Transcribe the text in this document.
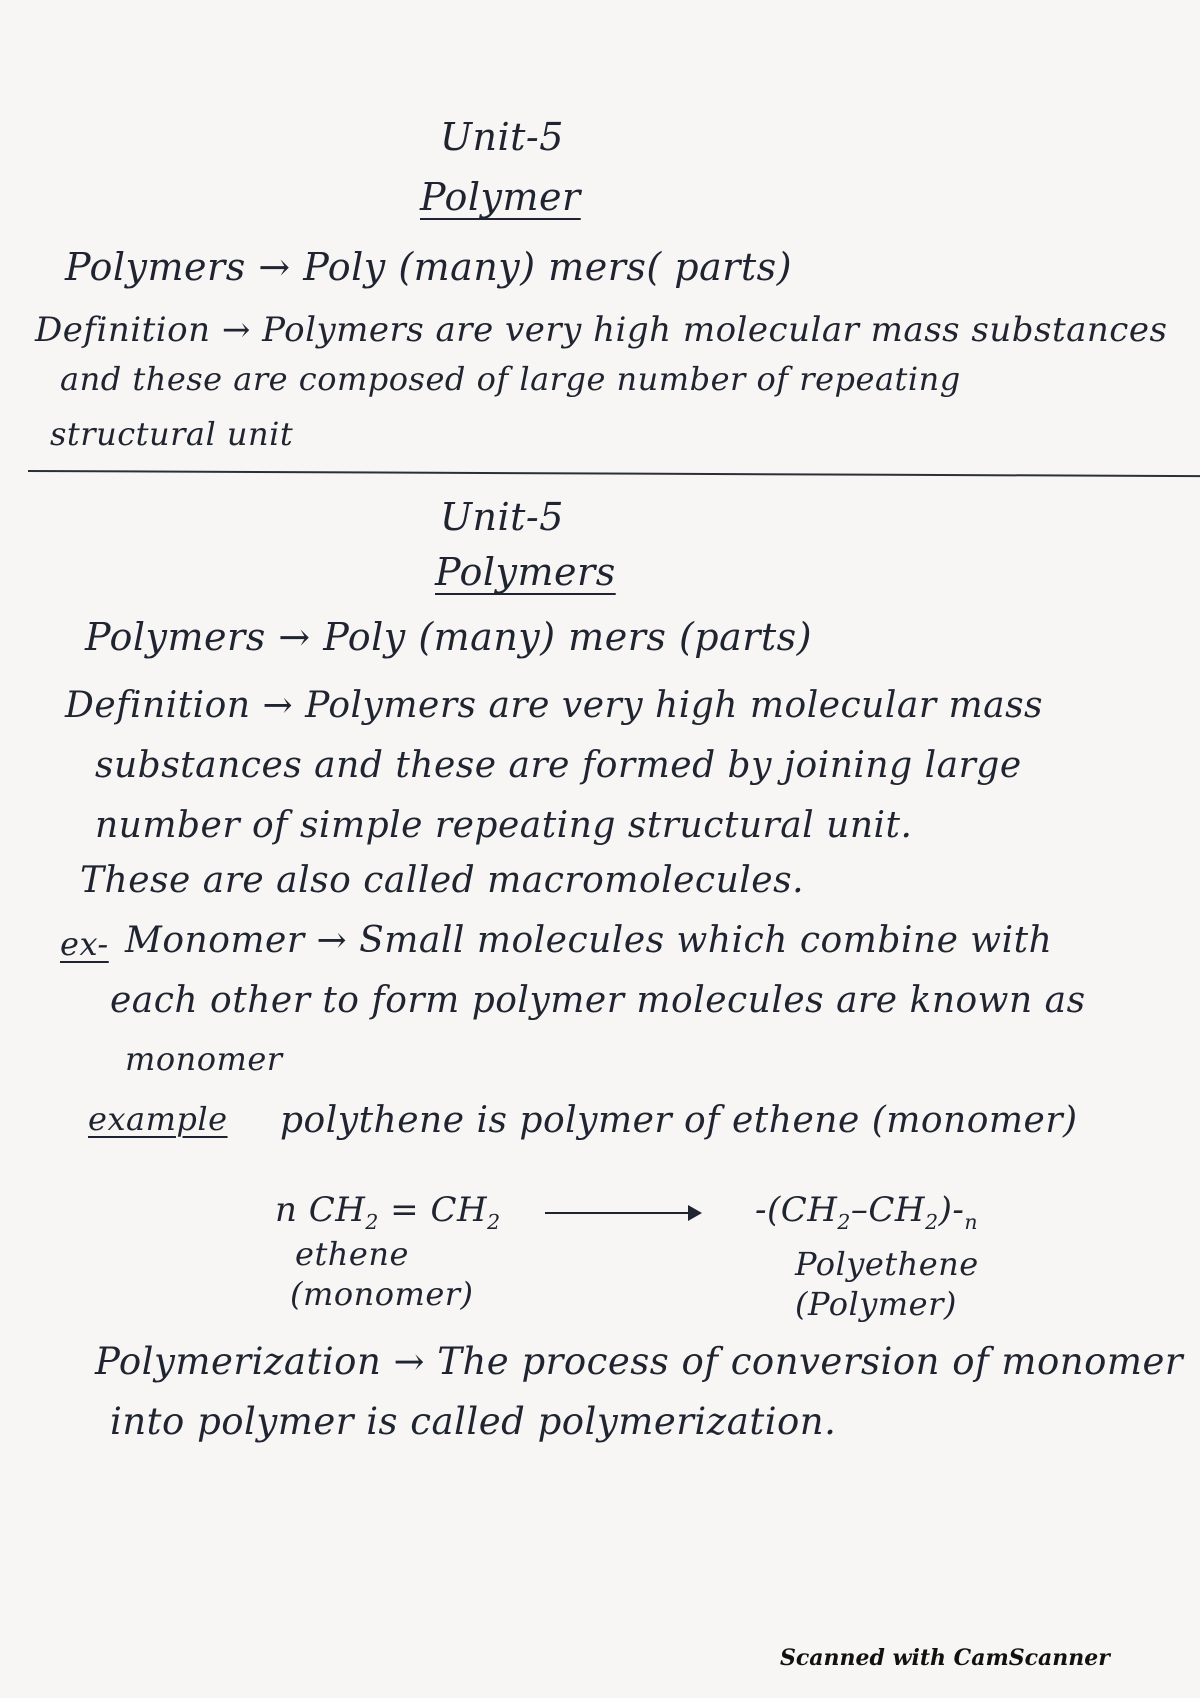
Unit-5
Polymer
Polymers → Poly (many) mers( parts)
Definition → Polymers are very high molecular mass substances
and these are composed of large number of repeating
structural unit
Unit-5
Polymers
Polymers → Poly (many) mers (parts)
Definition → Polymers are very high molecular mass
substances and these are formed by joining large
number of simple repeating structural unit.
These are also called macromolecules.
ex- Monomer → Small molecules which combine with
each other to form polymer molecules are known as
monomer
example polythene is polymer of ethene (monomer)
n $CH_2 = CH_2$	$-(CH_2-CH_2)-_n$
ethene
(monomer)
Polyethene
(Polymer)
Polymerization → The process of conversion of monomer
into polymer is called polymerization.
Scanned with CamScanner
